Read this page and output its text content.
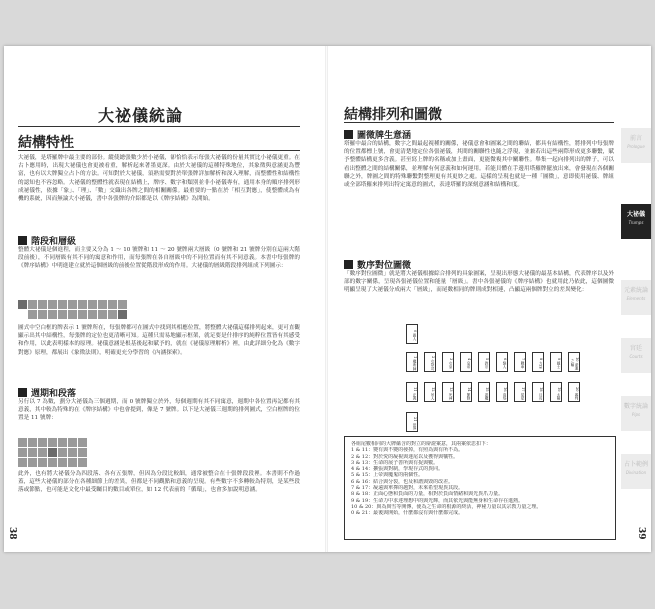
大祕儀統論
結構特性
大祕儀，是塔羅牌中最主要的部份。縱使總張數少於小祕儀，卻恰恰表示每張大祕儀的份量其實比小祕儀更重。在古卜應用時，出現大祕儀也會更被看重，解析起來著墨更深。由於大祕儀的這種特殊地位，其象徵與意涵更為豐富，也有以大牌獨立占卜的方法。可知對於大祕儀，須熟需要對於單張牌詳加解析和深入理解，而整體性和結構性的認知也不容忽略。大祕儀的整體性就表現在結構上，牌序、數字和類別並非小祕儀專有，通用本身的順序排列形成祕儀性，依據「象」、「理」、「數」交織出各牌之間的相關關係。最重要的一點在於「相互對應」，使整體成為有機的系統，因而無論大小祕儀，書中各張牌的介紹都是以《牌序結構》為開始。
階段和層級
整體大祕儀是個進程，而主要又分為 1 ～ 10 號牌和 11 ～ 20 號牌兩大層級（0 號牌和 21 號牌分別在這兩大階段前後），不同層級有其不同的寓意和作用，而每張牌在各自層級中的不同位置而有其不同意義。本書中每張牌的《牌序結構》中明進建立就於這個層級的前後位置從階段形成的作用。大祕儀的層級階段排列組成下列圖示：
圖式中空白框的牌表示 1 號牌所在，每張牌都可在圖式中找到其相應位置，將整體大祕儀這樣排列起來，更可直觀顯示出其中結構性，每張牌的定位也更清晰可知。這種只需易地顯示框架，就足要是什排序的純粹位置皆有其感受和作用，以此表明樣本的原理。祕儀意涵是根基後起和賦予的，就在《祕儀原理解析》裡，由此詳細分化為《數字對應》原理，都展出《象徵法則》，明確更充分學習的《內涵探索》。
週期和段落
另行以 7 為數，劃分大祕儀為三個週期，而 0 號牌獨立於外，每個週期有其不同寓意，週期中各位置再記都有其意義，其中較為特殊的在《牌序結構》中也會提到，像是 7 號牌。以下是大祕儀三週期的排列圖式，空白框牌的位置是 11 號牌：
此外，也有將大祕儀分為四段落、各有五張牌，但因為分段比較細，通常被整合在十張牌段段裡。本書則不作過蓋，這些大祕儀的部分在各種細節上的差異，但都是不同觀點和意義的呈現。有些數字不多轉較為特別，是某些段落或節點，也可能是文化中最受矚目的數目或單位，如 12 代表前的「循環」，也會多加說明意涵。
38
結構排列和圖微
圖微牌生意涵
塔羅中最合的結構，數字之間最起視種的關係，祕儀意會和圖案之間的聯結，都具有結構性，將排列中每張牌的位置都標上號，會更清楚地定位各張祕儀，其間的關聯性也隨之浮現，並兼若出這些兩際形成更多聯繫，賦予整體結構更多含義。甚至寫上牌的名稱或加上畫面，更能微複其中關聯性。舉集一起向排列出的牌子，可以看出整體之間的結構關係，並理解有何意義和如何運用。若能貝體在手邊用塔羅牌擺放出來，會發現在各個關聯之外，牌圖之間的特殊聯繫對整理更有其更妙之處。這樣的呈現也就是一種「圖微」，意即使用祕儀、牌組或全部塔羅來排列出特定寓意的圖式，表達塔羅的深刻意涵和結構和度。
數序對位圖微
「數序對位圖微」就是將大祕儀根據綜合排列的具象圖案，呈現出形態大祕儀的最基本結構，代表牌序以及外部的數字關係，呈現各張祕儀位置和能量「層級」。書中各張祕儀的《牌序結構》也就用此乃依此，這個圖微明顯呈現了大祕儀分成兩大「層級」，而尾數相同的牌則成對相連，凸顯這兩個牌對立的差異變化：
0 愚人
1 魔術師	2 女祭司	3 女皇	4 皇帝	5 教宗	6 戀人	7 戰車	8 力量	9 隱士	10 命運之輪
11 正義	12 吊人	13 死神	14 節制	15 惡魔	16 高塔	17 星星	18 月亮	19 太陽	20 審判
21 世界
各組尾數相同的大牌蘊含的對立的辯證案意，其兩案依思扣下：
1 & 11：變有與不變的發掉，有照為與有所不為。
2 & 12：對於愛的凝視與迷尾以及獲得與犧牲。
3 & 13：生命的展子善所與有捉與數。
4 & 14：擴張與對制，學現存式的異同。
5 & 15：上帝與魔鬼的兩個性。
6 & 16：結合與分裂，也及和諧與毀的改差。
7 & 17：凝遠與單擇的越對，未來希望現異其段。
8 & 18：正面心態和負面的力量，相對於負面情緒和與光異爪力量。
9 & 19：生命力中求達理想中的與光輝，而其依光與能無身和生命存在進熱。
10 & 20：與為與雪等開傳，使為之生命的根源的終活，神秘力量以其宗教力量之理。
0 & 21：最後與開始，什麼都沒有與什麼都完成。
前言
Prologue
大祕儀
Trumps
元素統論
Elements
宮廷
Courts
數字統論
Pips
占卜範例
Divination
39
